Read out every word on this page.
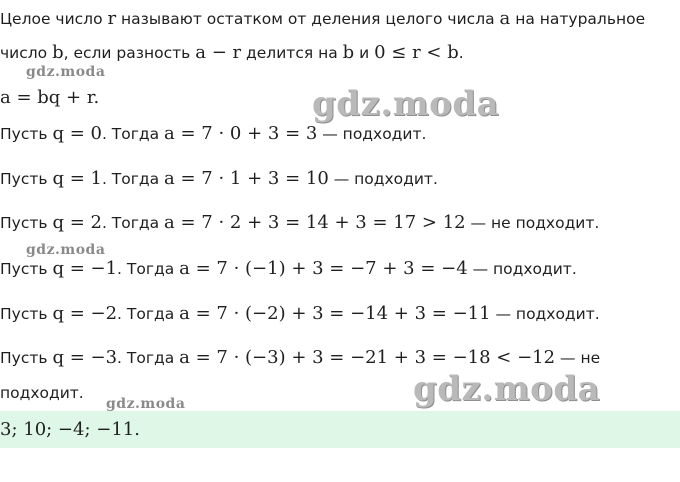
Целое число r называют остатком от деления целого числа a на натуральное
число b, если разность a − r делится на b и 0 ≤ r < b.
a = bq + r.
Пусть q = 0. Тогда a = 7 · 0 + 3 = 3 — подходит.
Пусть q = 1. Тогда a = 7 · 1 + 3 = 10 — подходит.
Пусть q = 2. Тогда a = 7 · 2 + 3 = 14 + 3 = 17 > 12 — не подходит.
Пусть q = −1. Тогда a = 7 · (−1) + 3 = −7 + 3 = −4 — подходит.
Пусть q = −2. Тогда a = 7 · (−2) + 3 = −14 + 3 = −11 — подходит.
Пусть q = −3. Тогда a = 7 · (−3) + 3 = −21 + 3 = −18 < −12 — не
подходит.
3; 10; −4; −11.
gdz.moda
gdz.moda
gdz.moda
gdz.moda
gdz.moda
